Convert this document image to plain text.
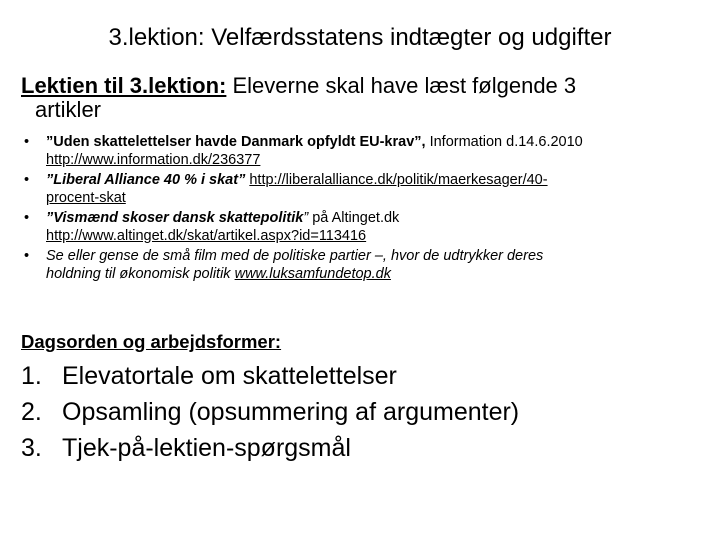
3.lektion: Velfærdsstatens indtægter og udgifter
Lektien til 3.lektion: Eleverne skal have læst følgende 3
artikler
• ”Uden skattelettelser havde Danmark opfyldt EU-krav”, Information d.14.6.2010
http://www.information.dk/236377
• ”Liberal Alliance 40 % i skat” http://liberalalliance.dk/politik/maerkesager/40-
procent-skat
• ”Vismænd skoser dansk skattepolitik” på Altinget.dk
http://www.altinget.dk/skat/artikel.aspx?id=113416
• Se eller gense de små film med de politiske partier –, hvor de udtrykker deres
holdning til økonomisk politik www.luksamfundetop.dk
Dagsorden og arbejdsformer:
1. Elevatortale om skattelettelser
2. Opsamling (opsummering af argumenter)
3. Tjek-på-lektien-spørgsmål
